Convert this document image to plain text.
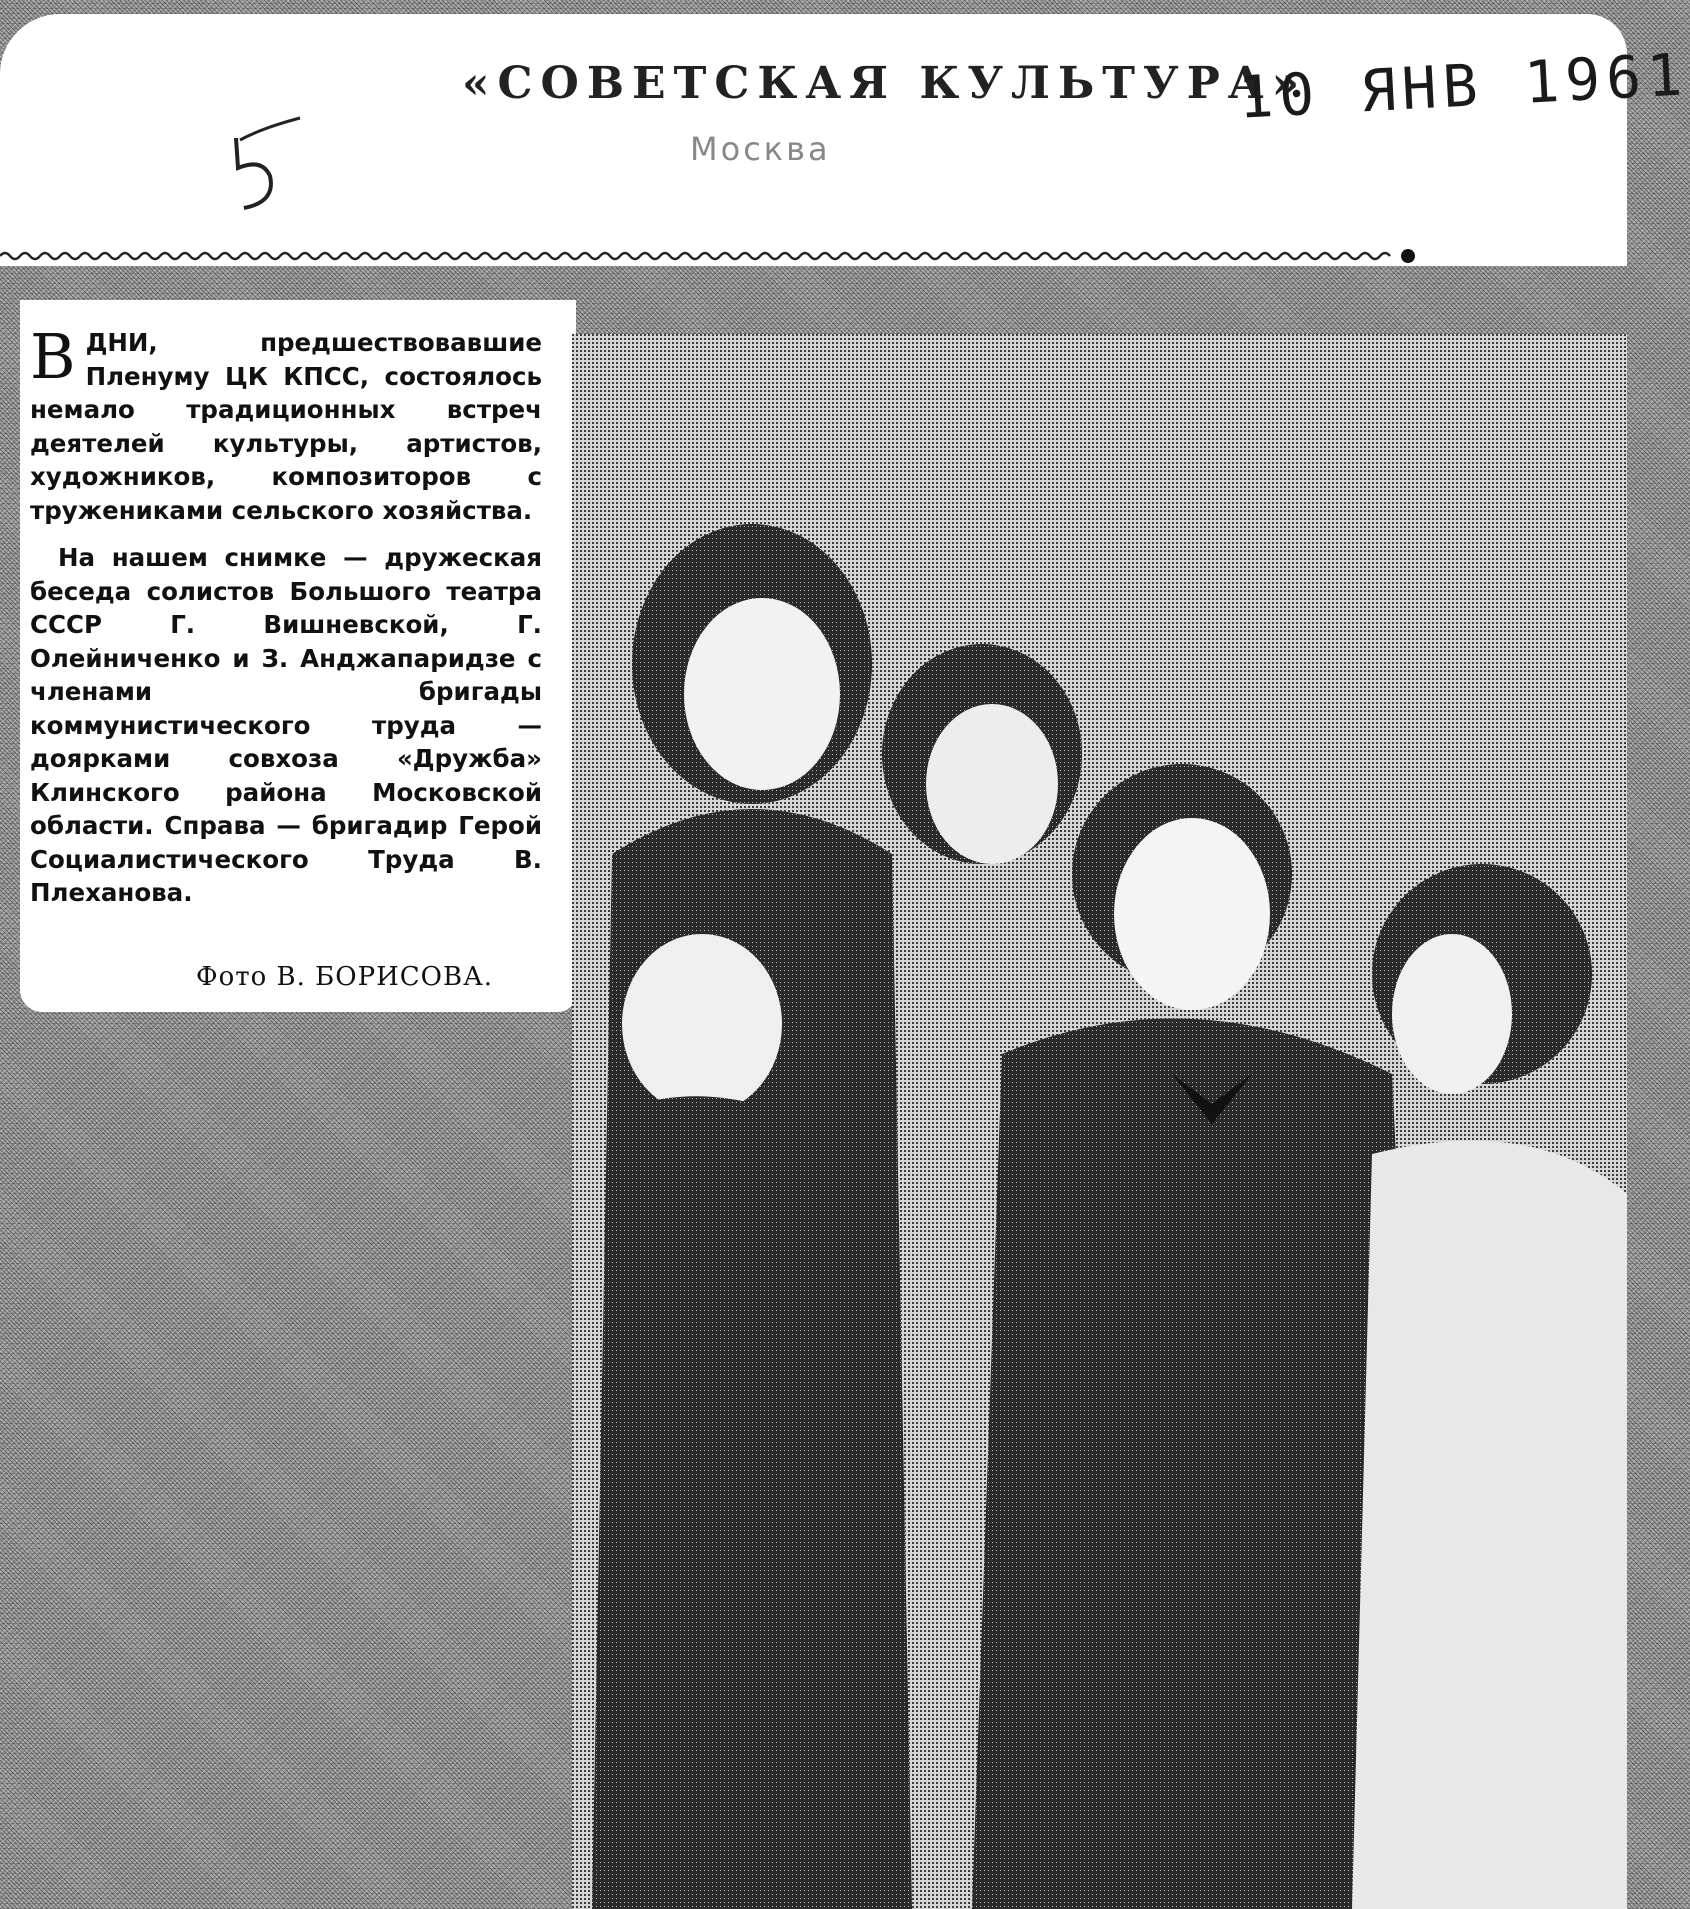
«СОВЕТСКАЯ КУЛЬТУРА»
Москва
10 ЯНВ 1961

ВДНИ, предшествовавшие Пленуму ЦК КПСС, состоялось немало традиционных встреч деятелей культуры, артистов, художников, композиторов с тружениками сельского хозяйства.

На нашем снимке — дружеская беседа солистов Большого театра СССР Г. Вишневской, Г. Олейниченко и З. Анджапаридзе с членами бригады коммунистического труда — доярками совхоза «Дружба» Клинского района Московской области. Справа — бригадир Герой Социалистического Труда В. Плеханова.

Фото В. БОРИСОВА.
